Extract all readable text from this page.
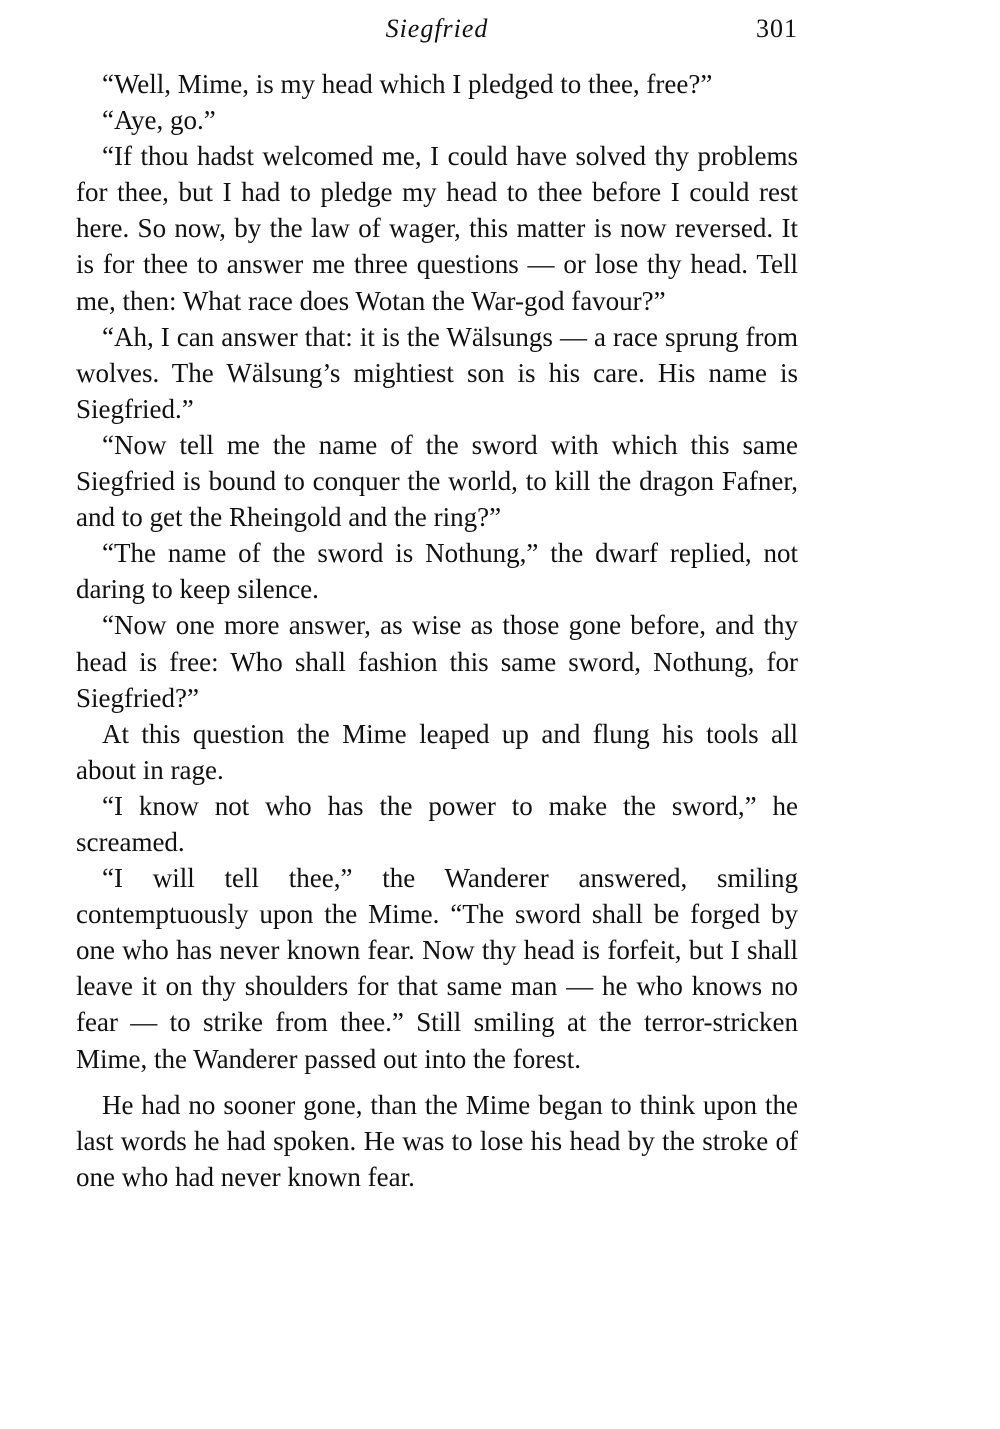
Siegfried	301

“Well, Mime, is my head which I pledged to thee, free?”

“Aye, go.”

“If thou hadst welcomed me, I could have solved thy problems for thee, but I had to pledge my head to thee before I could rest here. So now, by the law of wager, this matter is now reversed. It is for thee to answer me three questions — or lose thy head. Tell me, then: What race does Wotan the War-god favour?”

“Ah, I can answer that: it is the Wälsungs — a race sprung from wolves. The Wälsung’s mightiest son is his care. His name is Siegfried.”

“Now tell me the name of the sword with which this same Siegfried is bound to conquer the world, to kill the dragon Fafner, and to get the Rheingold and the ring?”

“The name of the sword is Nothung,” the dwarf replied, not daring to keep silence.

“Now one more answer, as wise as those gone before, and thy head is free: Who shall fashion this same sword, Nothung, for Siegfried?”

At this question the Mime leaped up and flung his tools all about in rage.

“I know not who has the power to make the sword,” he screamed.

“I will tell thee,” the Wanderer answered, smiling contemptuously upon the Mime. “The sword shall be forged by one who has never known fear. Now thy head is forfeit, but I shall leave it on thy shoulders for that same man — he who knows no fear — to strike from thee.” Still smiling at the terror-stricken Mime, the Wanderer passed out into the forest.

He had no sooner gone, than the Mime began to think upon the last words he had spoken. He was to lose his head by the stroke of one who had never known fear.
